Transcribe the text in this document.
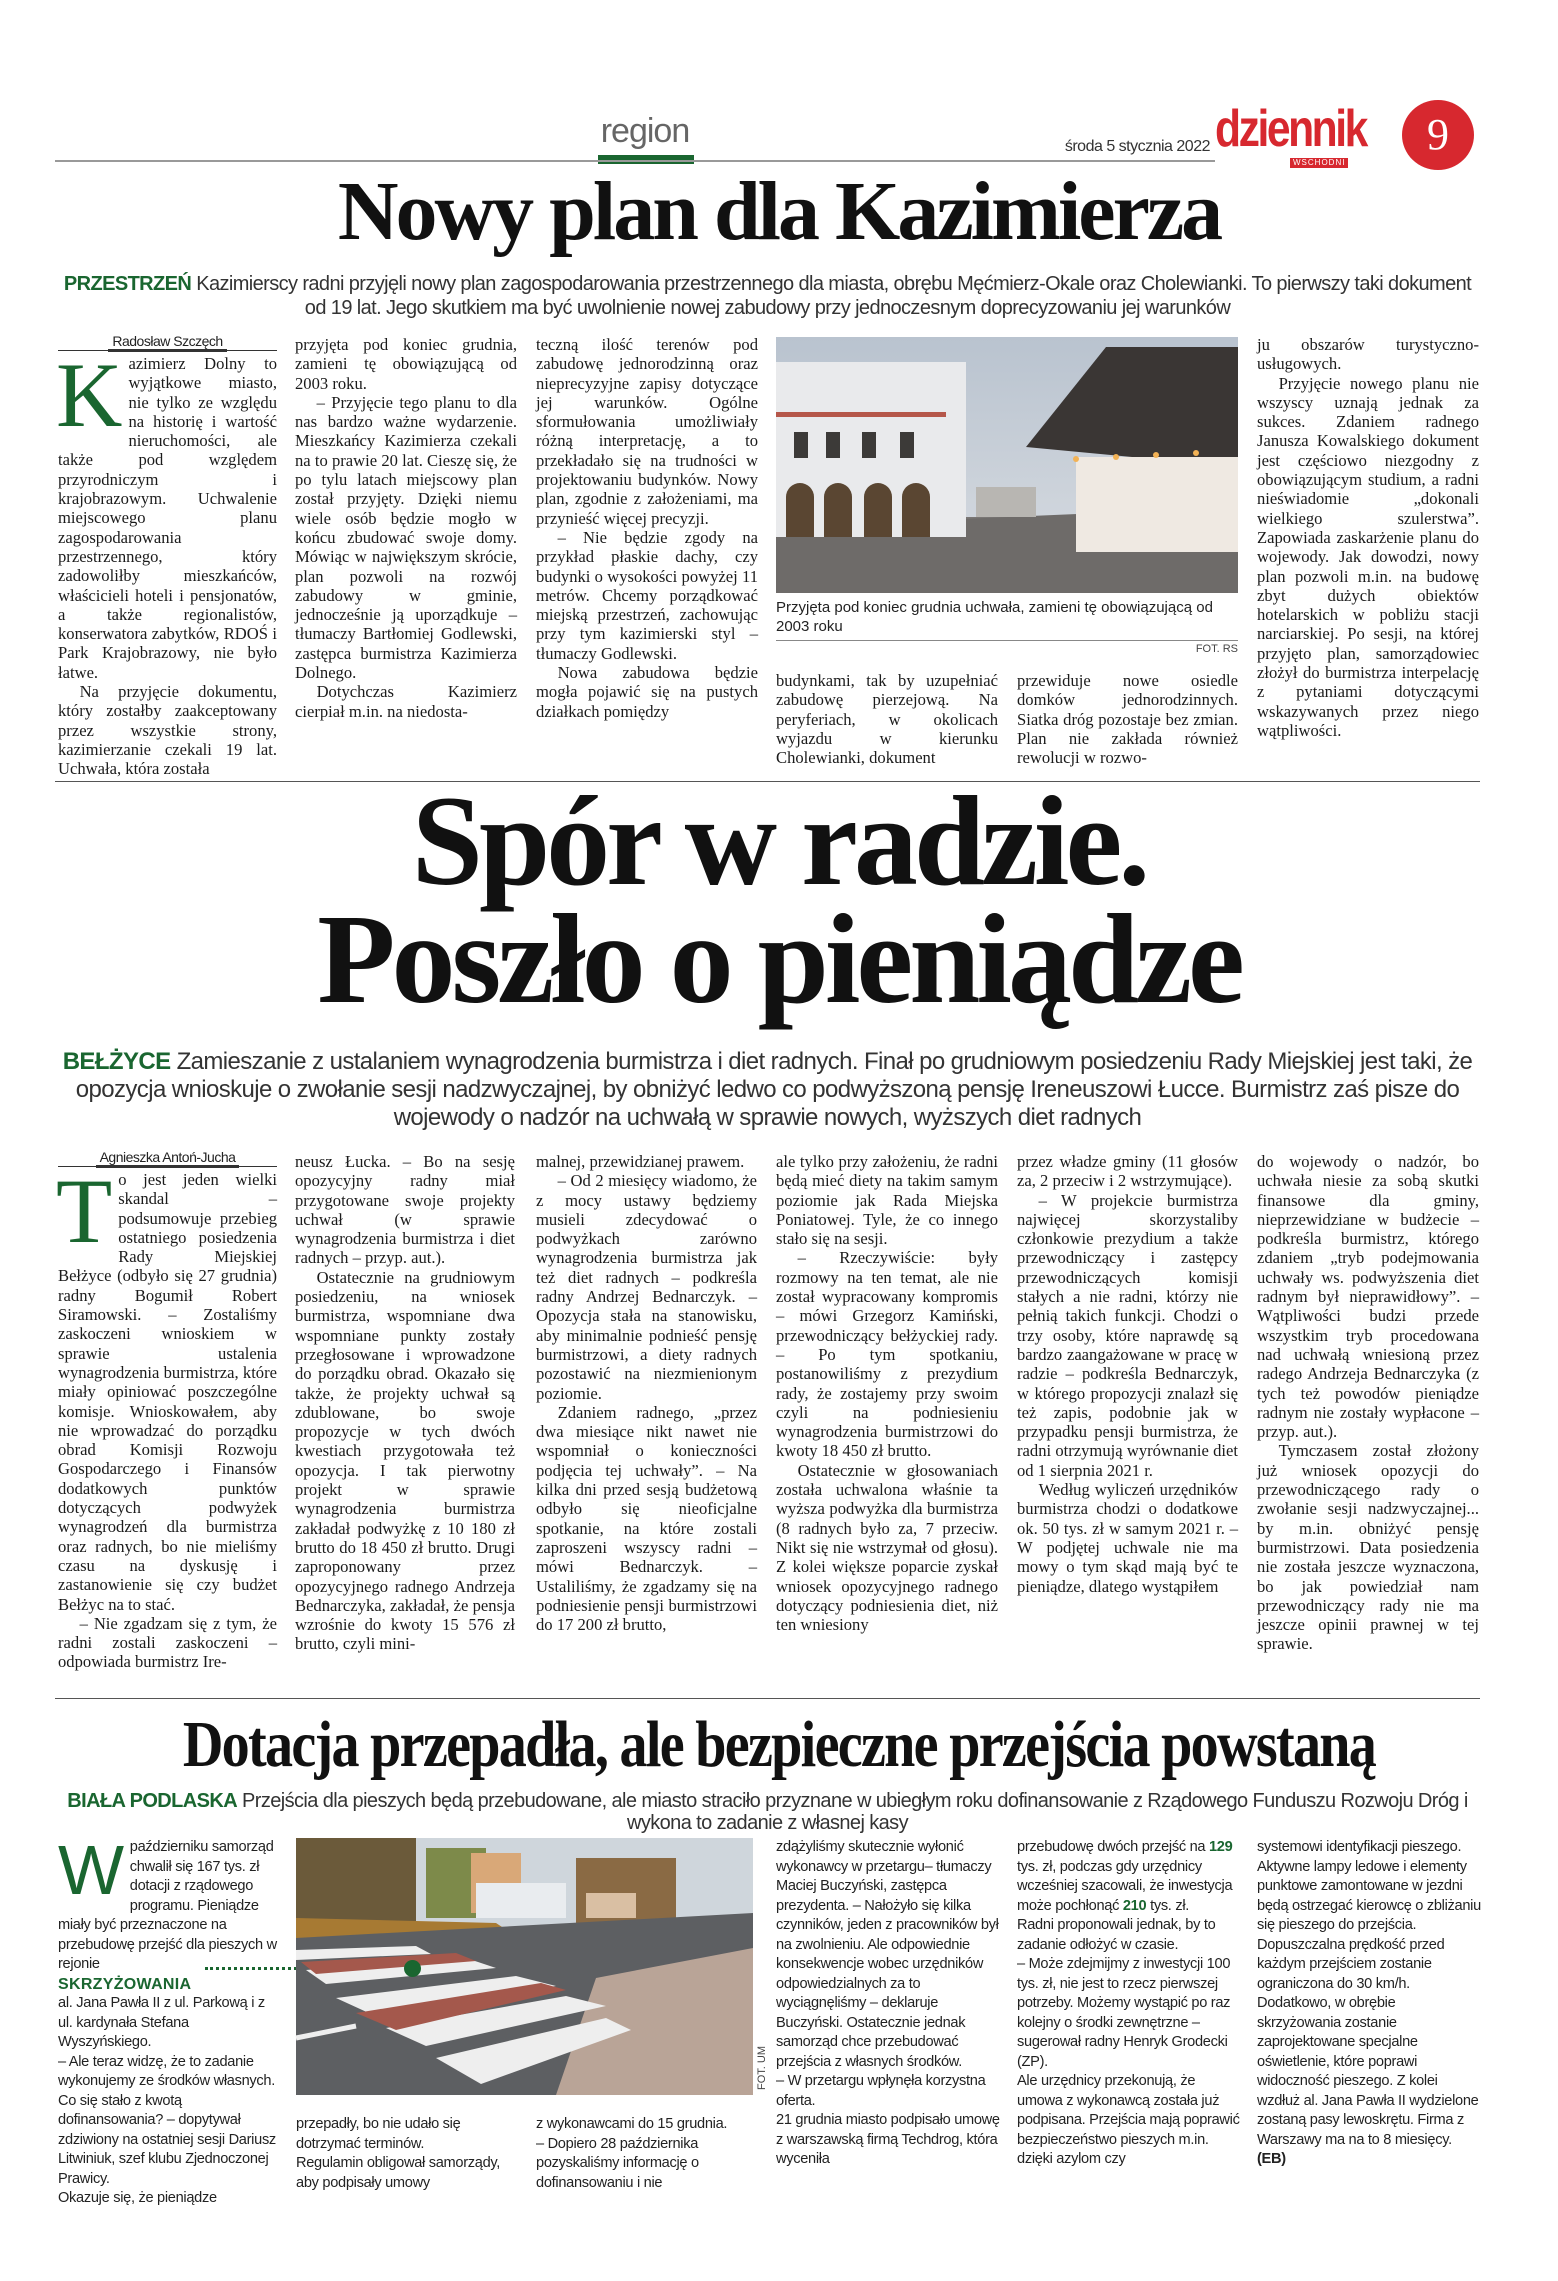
region	środa 5 stycznia 2022 dziennik
WSCHODNI
9
Nowy plan dla Kazimierza
PRZESTRZEŃ Kazimierscy radni przyjęli nowy plan zagospodarowania przestrzennego dla miasta, obrębu Męćmierz-Okale oraz Cholewianki. To pierwszy taki dokument od 19 lat. Jego skutkiem ma być uwolnienie nowej zabudowy przy jednoczesnym doprecyzowaniu jej warunków
Radosław Szczęch
K azimierz Dolny to wyjątkowe miasto, nie tylko ze względu na historię i wartość nieruchomości, ale także pod względem przyrodniczym i krajobrazowym. Uchwalenie miejscowego planu zagospodarowania przestrzennego, który zadowoliłby mieszkańców, właścicieli hoteli i pensjonatów, a także regionalistów, konserwatora zabytków, RDOŚ i Park Krajobrazowy, nie było łatwe.

Na przyjęcie dokumentu, który zostałby zaakceptowany przez wszystkie strony, kazimierzanie czekali 19 lat. Uchwała, która została

przyjęta pod koniec grudnia, zamieni tę obowiązującą od 2003 roku.

– Przyjęcie tego planu to dla nas bardzo ważne wydarzenie. Mieszkańcy Kazimierza czekali na to prawie 20 lat. Cieszę się, że po tylu latach miejscowy plan został przyjęty. Dzięki niemu wiele osób będzie mogło w końcu zbudować swoje domy. Mówiąc w największym skrócie, plan pozwoli na rozwój zabudowy w gminie, jednocześnie ją uporządkuje – tłumaczy Bartłomiej Godlewski, zastępca burmistrza Kazimierza Dolnego.

Dotychczas Kazimierz cierpiał m.in. na niedosta-

teczną ilość terenów pod zabudowę jednorodzinną oraz nieprecyzyjne zapisy dotyczące jej warunków. Ogólne sformułowania umożliwiały różną interpretację, a to przekładało się na trudności w projektowaniu budynków. Nowy plan, zgodnie z założeniami, ma przynieść więcej precyzji.

– Nie będzie zgody na przykład płaskie dachy, czy budynki o wysokości powyżej 11 metrów. Chcemy porządkować miejską przestrzeń, zachowując przy tym kazimierski styl – tłumaczy Godlewski.

Nowa zabudowa będzie mogła pojawić się na pustych działkach pomiędzy

Przyjęta pod koniec grudnia uchwała, zamieni tę obowiązującą od 2003 roku
FOT. RS

budynkami, tak by uzupełniać zabudowę pierzejową. Na peryferiach, w okolicach wyjazdu w kierunku Cholewianki, dokument

przewiduje nowe osiedle domków jednorodzinnych. Siatka dróg pozostaje bez zmian. Plan nie zakłada również rewolucji w rozwo-

ju obszarów turystyczno-usługowych.

Przyjęcie nowego planu nie wszyscy uznają jednak za sukces. Zdaniem radnego Janusza Kowalskiego dokument jest częściowo niezgodny z obowiązującym studium, a radni nieświadomie „dokonali wielkiego szulerstwa”. Zapowiada zaskarżenie planu do wojewody. Jak dowodzi, nowy plan pozwoli m.in. na budowę zbyt dużych obiektów hotelarskich w pobliżu stacji narciarskiej. Po sesji, na której przyjęto plan, samorządowiec złożył do burmistrza interpelację z pytaniami dotyczącymi wskazywanych przez niego wątpliwości.

Spór w radzie.
Poszło o pieniądze
BEŁŻYCE Zamieszanie z ustalaniem wynagrodzenia burmistrza i diet radnych. Finał po grudniowym posiedzeniu Rady Miejskiej jest taki, że opozycja wnioskuje o zwołanie sesji nadzwyczajnej, by obniżyć ledwo co podwyższoną pensję Ireneuszowi Łucce. Burmistrz zaś pisze do wojewody o nadzór na uchwałą w sprawie nowych, wyższych diet radnych
Agnieszka Antoń-Jucha
T o jest jeden wielki skandal – podsumowuje przebieg ostatniego posiedzenia Rady Miejskiej Bełżyce (odbyło się 27 grudnia) radny Bogumił Robert Siramowski. – Zostaliśmy zaskoczeni wnioskiem w sprawie ustalenia wynagrodzenia burmistrza, które miały opiniować poszczególne komisje. Wnioskowałem, aby nie wprowadzać do porządku obrad Komisji Rozwoju Gospodarczego i Finansów dodatkowych punktów dotyczących podwyżek wynagrodzeń dla burmistrza oraz radnych, bo nie mieliśmy czasu na dyskusję i zastanowienie się czy budżet Bełżyc na to stać.

– Nie zgadzam się z tym, że radni zostali zaskoczeni – odpowiada burmistrz Ire-

neusz Łucka. – Bo na sesję opozycyjny radny miał przygotowane swoje projekty uchwał (w sprawie wynagrodzenia burmistrza i diet radnych – przyp. aut.).

Ostatecznie na grudniowym posiedzeniu, na wniosek burmistrza, wspomniane dwa wspomniane punkty zostały przegłosowane i wprowadzone do porządku obrad. Okazało się także, że projekty uchwał są zdublowane, bo swoje propozycje w tych dwóch kwestiach przygotowała też opozycja. I tak pierwotny projekt w sprawie wynagrodzenia burmistrza zakładał podwyżkę z 10 180 zł brutto do 18 450 zł brutto. Drugi zaproponowany przez opozycyjnego radnego Andrzeja Bednarczyka, zakładał, że pensja wzrośnie do kwoty 15 576 zł brutto, czyli mini-

malnej, przewidzianej prawem.

– Od 2 miesięcy wiadomo, że z mocy ustawy będziemy musieli zdecydować o podwyżkach zarówno wynagrodzenia burmistrza jak też diet radnych – podkreśla radny Andrzej Bednarczyk. – Opozycja stała na stanowisku, aby minimalnie podnieść pensję burmistrzowi, a diety radnych pozostawić na niezmienionym poziomie.

Zdaniem radnego, „przez dwa miesiące nikt nawet nie wspomniał o konieczności podjęcia tej uchwały”. – Na kilka dni przed sesją budżetową odbyło się nieoficjalne spotkanie, na które zostali zaproszeni wszyscy radni – mówi Bednarczyk. – Ustaliliśmy, że zgadzamy się na podniesienie pensji burmistrzowi do 17 200 zł brutto,

ale tylko przy założeniu, że radni będą mieć diety na takim samym poziomie jak Rada Miejska Poniatowej. Tyle, że co innego stało się na sesji.

– Rzeczywiście: były rozmowy na ten temat, ale nie został wypracowany kompromis – mówi Grzegorz Kamiński, przewodniczący bełżyckiej rady. – Po tym spotkaniu, postanowiliśmy z prezydium rady, że zostajemy przy swoim czyli na podniesieniu wynagrodzenia burmistrzowi do kwoty 18 450 zł brutto.

Ostatecznie w głosowaniach została uchwalona właśnie ta wyższa podwyżka dla burmistrza (8 radnych było za, 7 przeciw. Nikt się nie wstrzymał od głosu). Z kolei większe poparcie zyskał wniosek opozycyjnego radnego dotyczący podniesienia diet, niż ten wniesiony

przez władze gminy (11 głosów za, 2 przeciw i 2 wstrzymujące).

– W projekcie burmistrza najwięcej skorzystaliby członkowie prezydium a także przewodniczący i zastępcy przewodniczących komisji stałych a nie radni, którzy nie pełnią takich funkcji. Chodzi o trzy osoby, które naprawdę są bardzo zaangażowane w pracę w radzie – podkreśla Bednarczyk, w którego propozycji znalazł się też zapis, podobnie jak w przypadku pensji burmistrza, że radni otrzymują wyrównanie diet od 1 sierpnia 2021 r.

Według wyliczeń urzędników burmistrza chodzi o dodatkowe ok. 50 tys. zł w samym 2021 r. – W podjętej uchwale nie ma mowy o tym skąd mają być te pieniądze, dlatego wystąpiłem

do wojewody o nadzór, bo uchwała niesie za sobą skutki finansowe dla gminy, nieprzewidziane w budżecie – podkreśla burmistrz, którego zdaniem „tryb podejmowania uchwały ws. podwyższenia diet radnym był nieprawidłowy”. – Wątpliwości budzi przede wszystkim tryb procedowana nad uchwałą wniesioną przez radego Andrzeja Bednarczyka (z tych też powodów pieniądze radnym nie zostały wypłacone – przyp. aut.).

Tymczasem został złożony już wniosek opozycji do przewodniczącego rady o zwołanie sesji nadzwyczajnej... by m.in. obniżyć pensję burmistrzowi. Data posiedzenia nie została jeszcze wyznaczona, bo jak powiedział nam przewodniczący rady nie ma jeszcze opinii prawnej w tej sprawie.

Dotacja przepadła, ale bezpieczne przejścia powstaną
BIAŁA PODLASKA Przejścia dla pieszych będą przebudowane, ale miasto straciło przyznane w ubiegłym roku dofinansowanie z Rządowego Funduszu Rozwoju Dróg i wykona to zadanie z własnej kasy
W październiku samorząd chwalił się 167 tys. zł dotacji z rządowego programu. Pieniądze miały być przeznaczone na przebudowę przejść dla pieszych w rejonie

SKRZYŻOWANIA

al. Jana Pawła II z ul. Parkową i z ul. kardynała Stefana Wyszyńskiego.

– Ale teraz widzę, że to zadanie wykonujemy ze środków własnych. Co się stało z kwotą dofinansowania? – dopytywał zdziwiony na ostatniej sesji Dariusz Litwiniuk, szef klubu Zjednoczonej Prawicy.

Okazuje się, że pieniądze

FOT. UM

przepadły, bo nie udało się dotrzymać terminów.

Regulamin obligował samorządy, aby podpisały umowy

z wykonawcami do 15 grudnia.

– Dopiero 28 października pozyskaliśmy informację o dofinansowaniu i nie

zdążyliśmy skutecznie wyłonić wykonawcy w przetargu– tłumaczy Maciej Buczyński, zastępca prezydenta. – Nałożyło się kilka czynników, jeden z pracowników był na zwolnieniu. Ale odpowiednie konsekwencje wobec urzędników odpowiedzialnych za to wyciągnęliśmy – deklaruje Buczyński. Ostatecznie jednak samorząd chce przebudować przejścia z własnych środków.

– W przetargu wpłynęła korzystna oferta.

21 grudnia miasto podpisało umowę z warszawską firmą Techdrog, która wyceniła

przebudowę dwóch przejść na 129 tys. zł, podczas gdy urzędnicy wcześniej szacowali, że inwestycja może pochłonąć 210 tys. zł.

Radni proponowali jednak, by to zadanie odłożyć w czasie.

– Może zdejmijmy z inwestycji 100 tys. zł, nie jest to rzecz pierwszej potrzeby. Możemy wystąpić po raz kolejny o środki zewnętrzne – sugerował radny Henryk Grodecki (ZP).

Ale urzędnicy przekonują, że umowa z wykonawcą została już podpisana. Przejścia mają poprawić bezpieczeństwo pieszych m.in. dzięki azylom czy

systemowi identyfikacji pieszego. Aktywne lampy ledowe i elementy punktowe zamontowane w jezdni będą ostrzegać kierowcę o zbliżaniu się pieszego do przejścia. Dopuszczalna prędkość przed każdym przejściem zostanie ograniczona do 30 km/h. Dodatkowo, w obrębie skrzyżowania zostanie zaprojektowane specjalne oświetlenie, które poprawi widoczność pieszego. Z kolei wzdłuż al. Jana Pawła II wydzielone zostaną pasy lewoskrętu. Firma z Warszawy ma na to 8 miesięcy. (EB)
